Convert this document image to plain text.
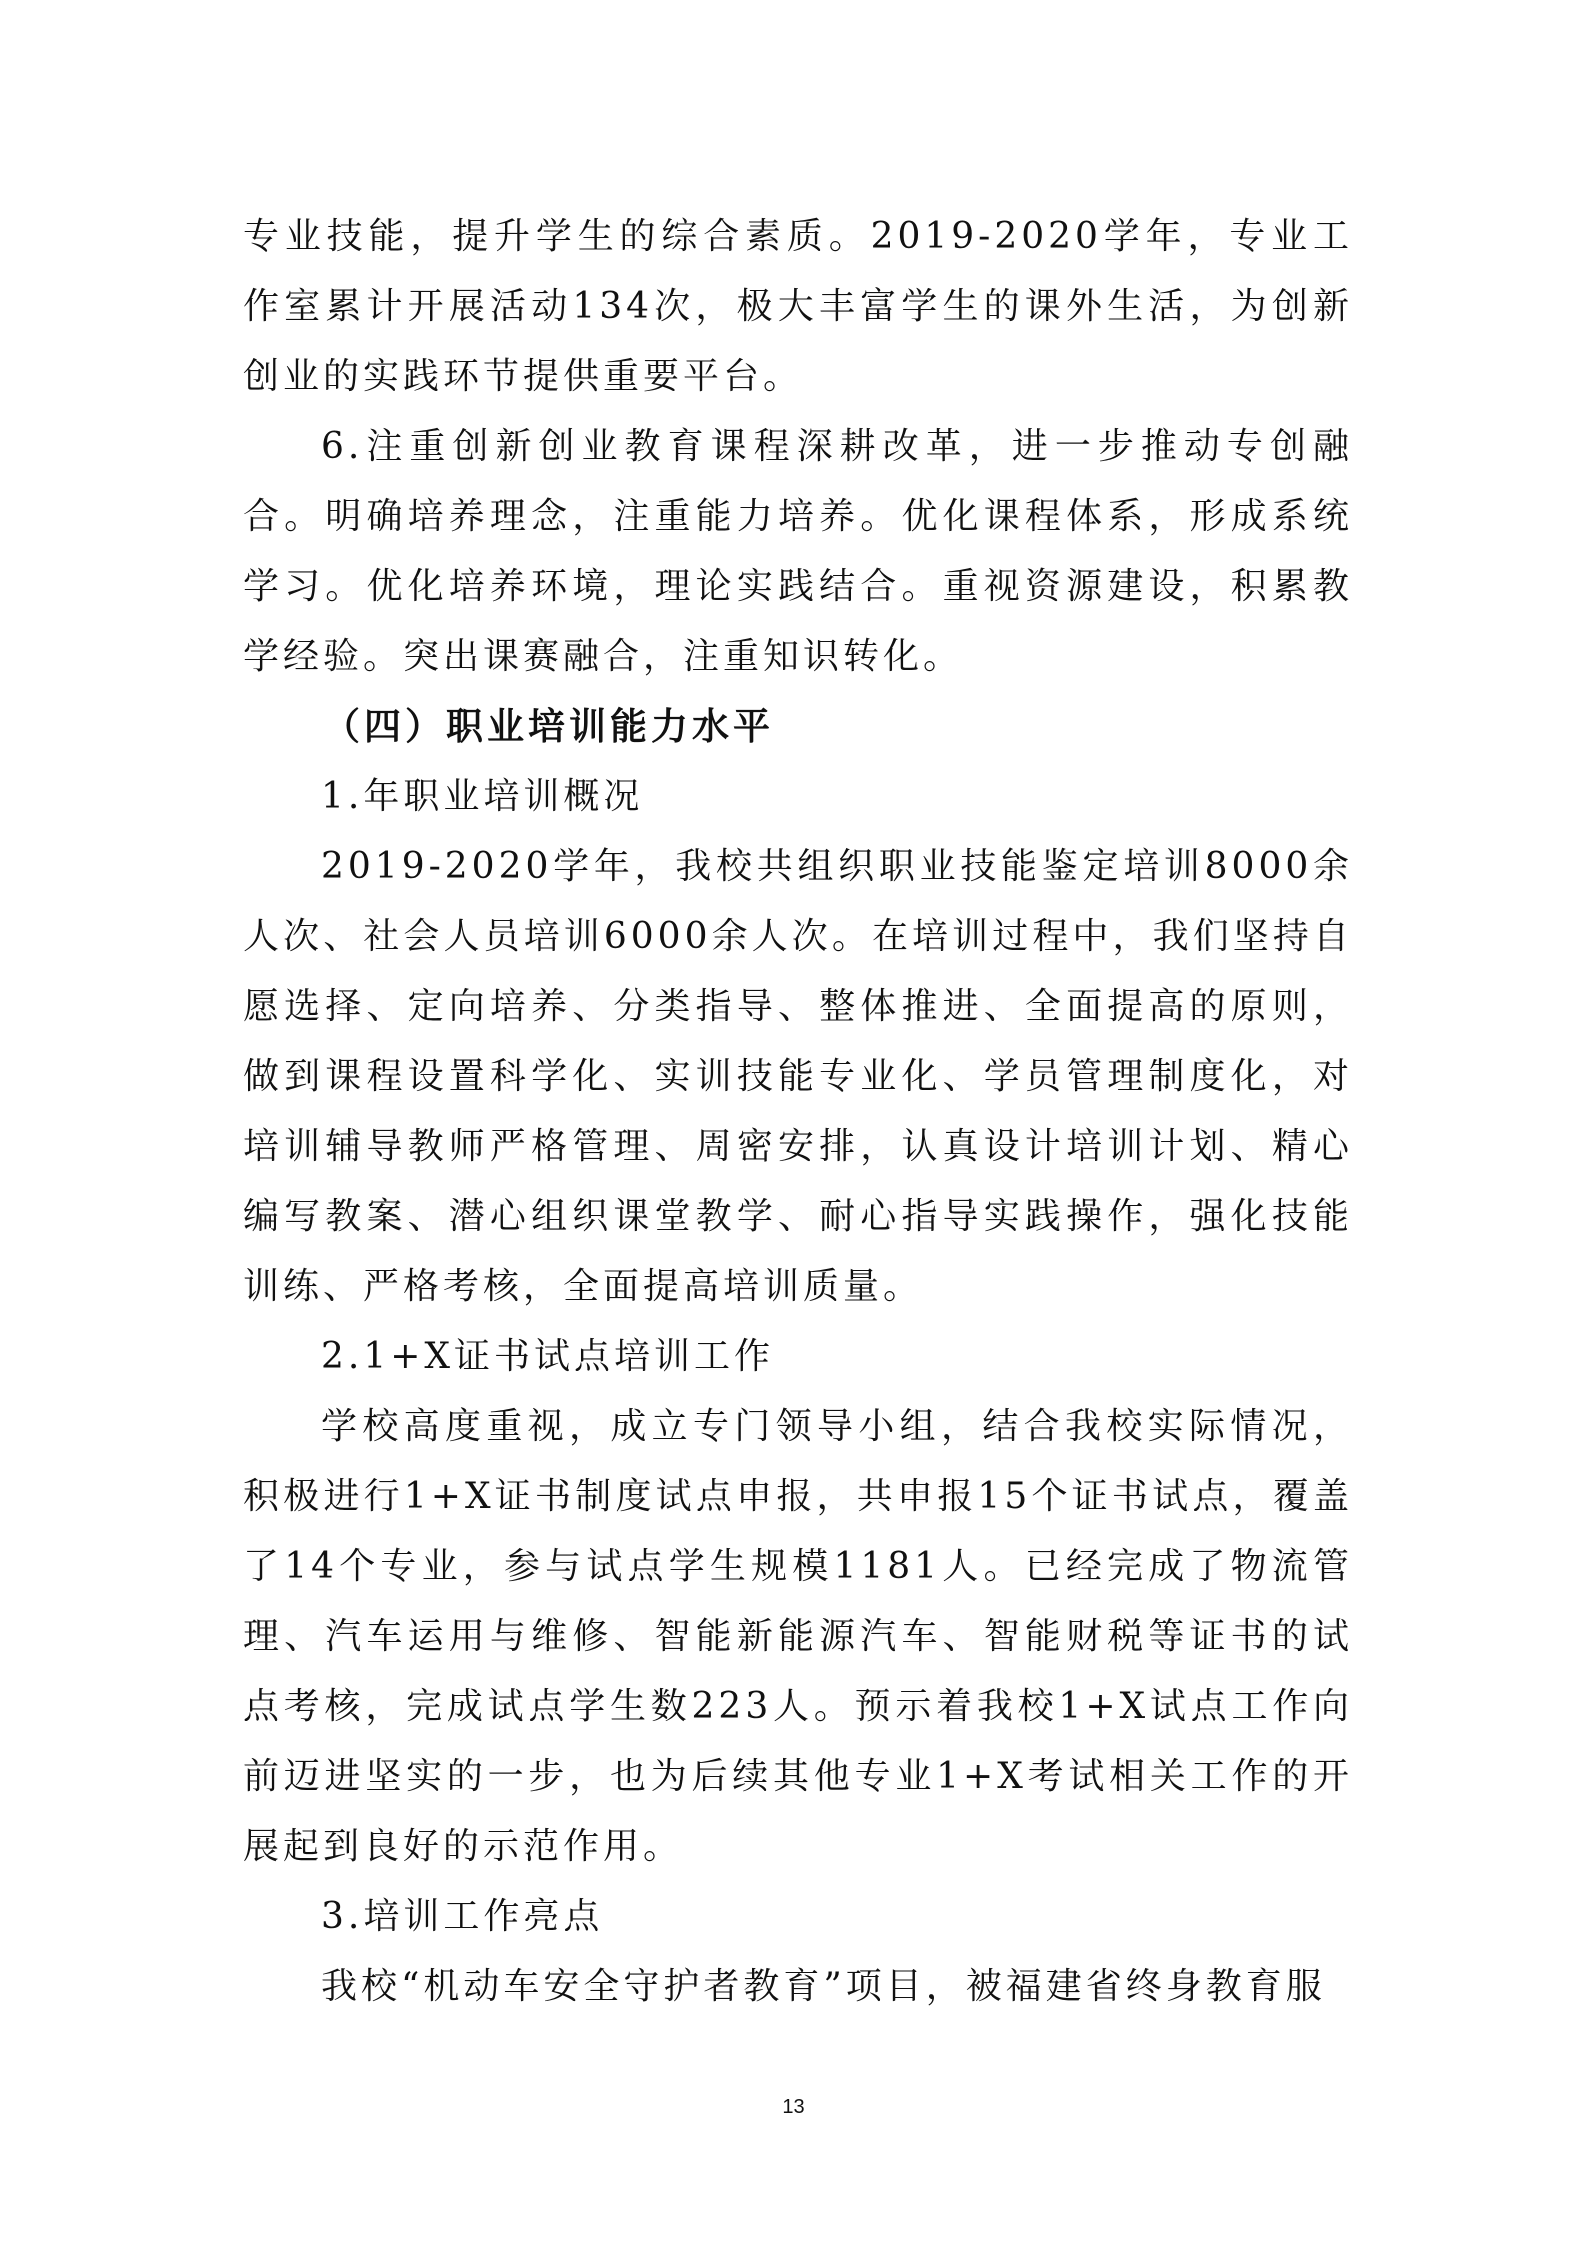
专业技能，提升学生的综合素质。2019-2020学年，专业工作室累计开展活动134次，极大丰富学生的课外生活，为创新创业的实践环节提供重要平台。

6.注重创新创业教育课程深耕改革，进一步推动专创融合。明确培养理念，注重能力培养。优化课程体系，形成系统学习。优化培养环境，理论实践结合。重视资源建设，积累教学经验。突出课赛融合，注重知识转化。

（四）职业培训能力水平

1.年职业培训概况

2019-2020学年，我校共组织职业技能鉴定培训8000余人次、社会人员培训6000余人次。在培训过程中，我们坚持自愿选择、定向培养、分类指导、整体推进、全面提高的原则，做到课程设置科学化、实训技能专业化、学员管理制度化，对培训辅导教师严格管理、周密安排，认真设计培训计划、精心编写教案、潜心组织课堂教学、耐心指导实践操作，强化技能训练、严格考核，全面提高培训质量。

2.1+X证书试点培训工作

学校高度重视，成立专门领导小组，结合我校实际情况，积极进行1+X证书制度试点申报，共申报15个证书试点，覆盖了14个专业，参与试点学生规模1181人。已经完成了物流管理、汽车运用与维修、智能新能源汽车、智能财税等证书的试点考核，完成试点学生数223人。预示着我校1+X试点工作向前迈进坚实的一步，也为后续其他专业1+X考试相关工作的开展起到良好的示范作用。

3.培训工作亮点

我校“机动车安全守护者教育”项目，被福建省终身教育服

13
